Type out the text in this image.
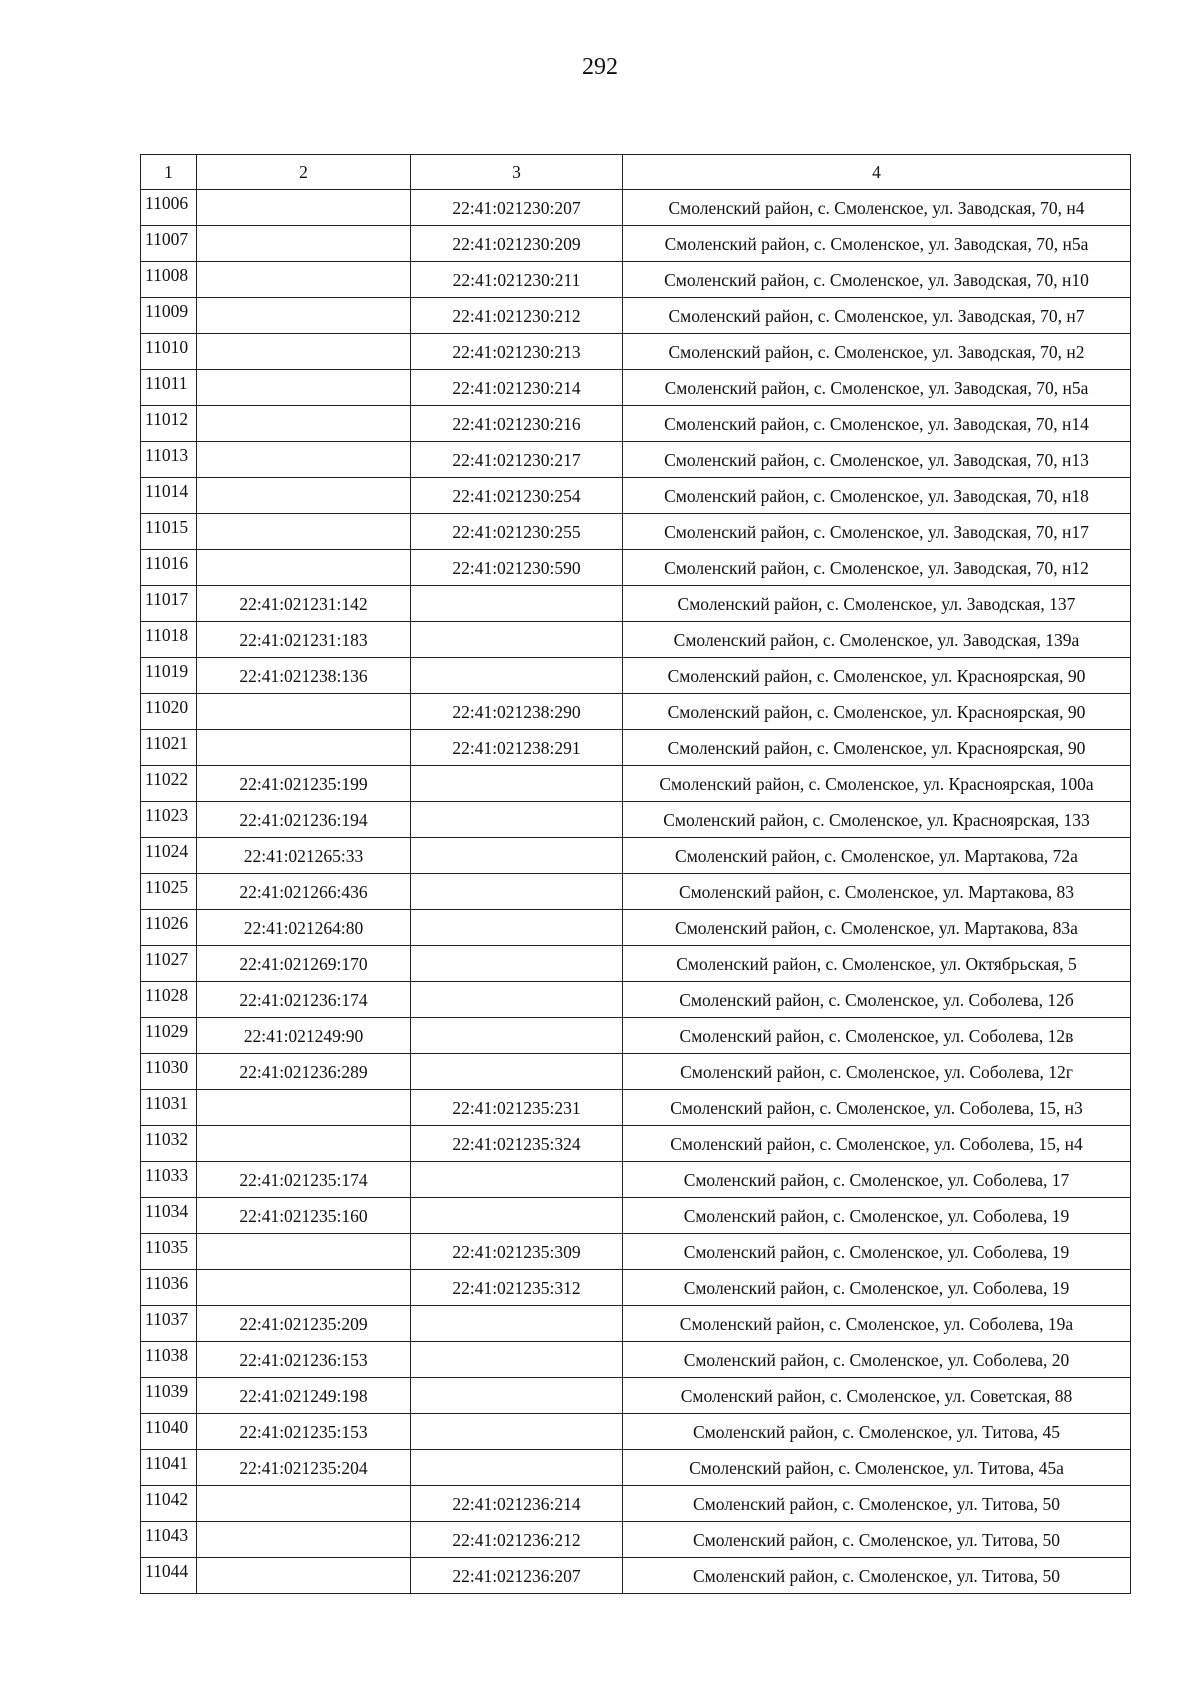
292
1	2	3	4
11006		22:41:021230:207	Смоленский район, с. Смоленское, ул. Заводская, 70, н4
11007		22:41:021230:209	Смоленский район, с. Смоленское, ул. Заводская, 70, н5а
11008		22:41:021230:211	Смоленский район, с. Смоленское, ул. Заводская, 70, н10
11009		22:41:021230:212	Смоленский район, с. Смоленское, ул. Заводская, 70, н7
11010		22:41:021230:213	Смоленский район, с. Смоленское, ул. Заводская, 70, н2
11011		22:41:021230:214	Смоленский район, с. Смоленское, ул. Заводская, 70, н5а
11012		22:41:021230:216	Смоленский район, с. Смоленское, ул. Заводская, 70, н14
11013		22:41:021230:217	Смоленский район, с. Смоленское, ул. Заводская, 70, н13
11014		22:41:021230:254	Смоленский район, с. Смоленское, ул. Заводская, 70, н18
11015		22:41:021230:255	Смоленский район, с. Смоленское, ул. Заводская, 70, н17
11016		22:41:021230:590	Смоленский район, с. Смоленское, ул. Заводская, 70, н12
11017	22:41:021231:142		Смоленский район, с. Смоленское, ул. Заводская, 137
11018	22:41:021231:183		Смоленский район, с. Смоленское, ул. Заводская, 139а
11019	22:41:021238:136		Смоленский район, с. Смоленское, ул. Красноярская, 90
11020		22:41:021238:290	Смоленский район, с. Смоленское, ул. Красноярская, 90
11021		22:41:021238:291	Смоленский район, с. Смоленское, ул. Красноярская, 90
11022	22:41:021235:199		Смоленский район, с. Смоленское, ул. Красноярская, 100а
11023	22:41:021236:194		Смоленский район, с. Смоленское, ул. Красноярская, 133
11024	22:41:021265:33		Смоленский район, с. Смоленское, ул. Мартакова, 72а
11025	22:41:021266:436		Смоленский район, с. Смоленское, ул. Мартакова, 83
11026	22:41:021264:80		Смоленский район, с. Смоленское, ул. Мартакова, 83а
11027	22:41:021269:170		Смоленский район, с. Смоленское, ул. Октябрьская, 5
11028	22:41:021236:174		Смоленский район, с. Смоленское, ул. Соболева, 12б
11029	22:41:021249:90		Смоленский район, с. Смоленское, ул. Соболева, 12в
11030	22:41:021236:289		Смоленский район, с. Смоленское, ул. Соболева, 12г
11031		22:41:021235:231	Смоленский район, с. Смоленское, ул. Соболева, 15, н3
11032		22:41:021235:324	Смоленский район, с. Смоленское, ул. Соболева, 15, н4
11033	22:41:021235:174		Смоленский район, с. Смоленское, ул. Соболева, 17
11034	22:41:021235:160		Смоленский район, с. Смоленское, ул. Соболева, 19
11035		22:41:021235:309	Смоленский район, с. Смоленское, ул. Соболева, 19
11036		22:41:021235:312	Смоленский район, с. Смоленское, ул. Соболева, 19
11037	22:41:021235:209		Смоленский район, с. Смоленское, ул. Соболева, 19а
11038	22:41:021236:153		Смоленский район, с. Смоленское, ул. Соболева, 20
11039	22:41:021249:198		Смоленский район, с. Смоленское, ул. Советская, 88
11040	22:41:021235:153		Смоленский район, с. Смоленское, ул. Титова, 45
11041	22:41:021235:204		Смоленский район, с. Смоленское, ул. Титова, 45а
11042		22:41:021236:214	Смоленский район, с. Смоленское, ул. Титова, 50
11043		22:41:021236:212	Смоленский район, с. Смоленское, ул. Титова, 50
11044		22:41:021236:207	Смоленский район, с. Смоленское, ул. Титова, 50
